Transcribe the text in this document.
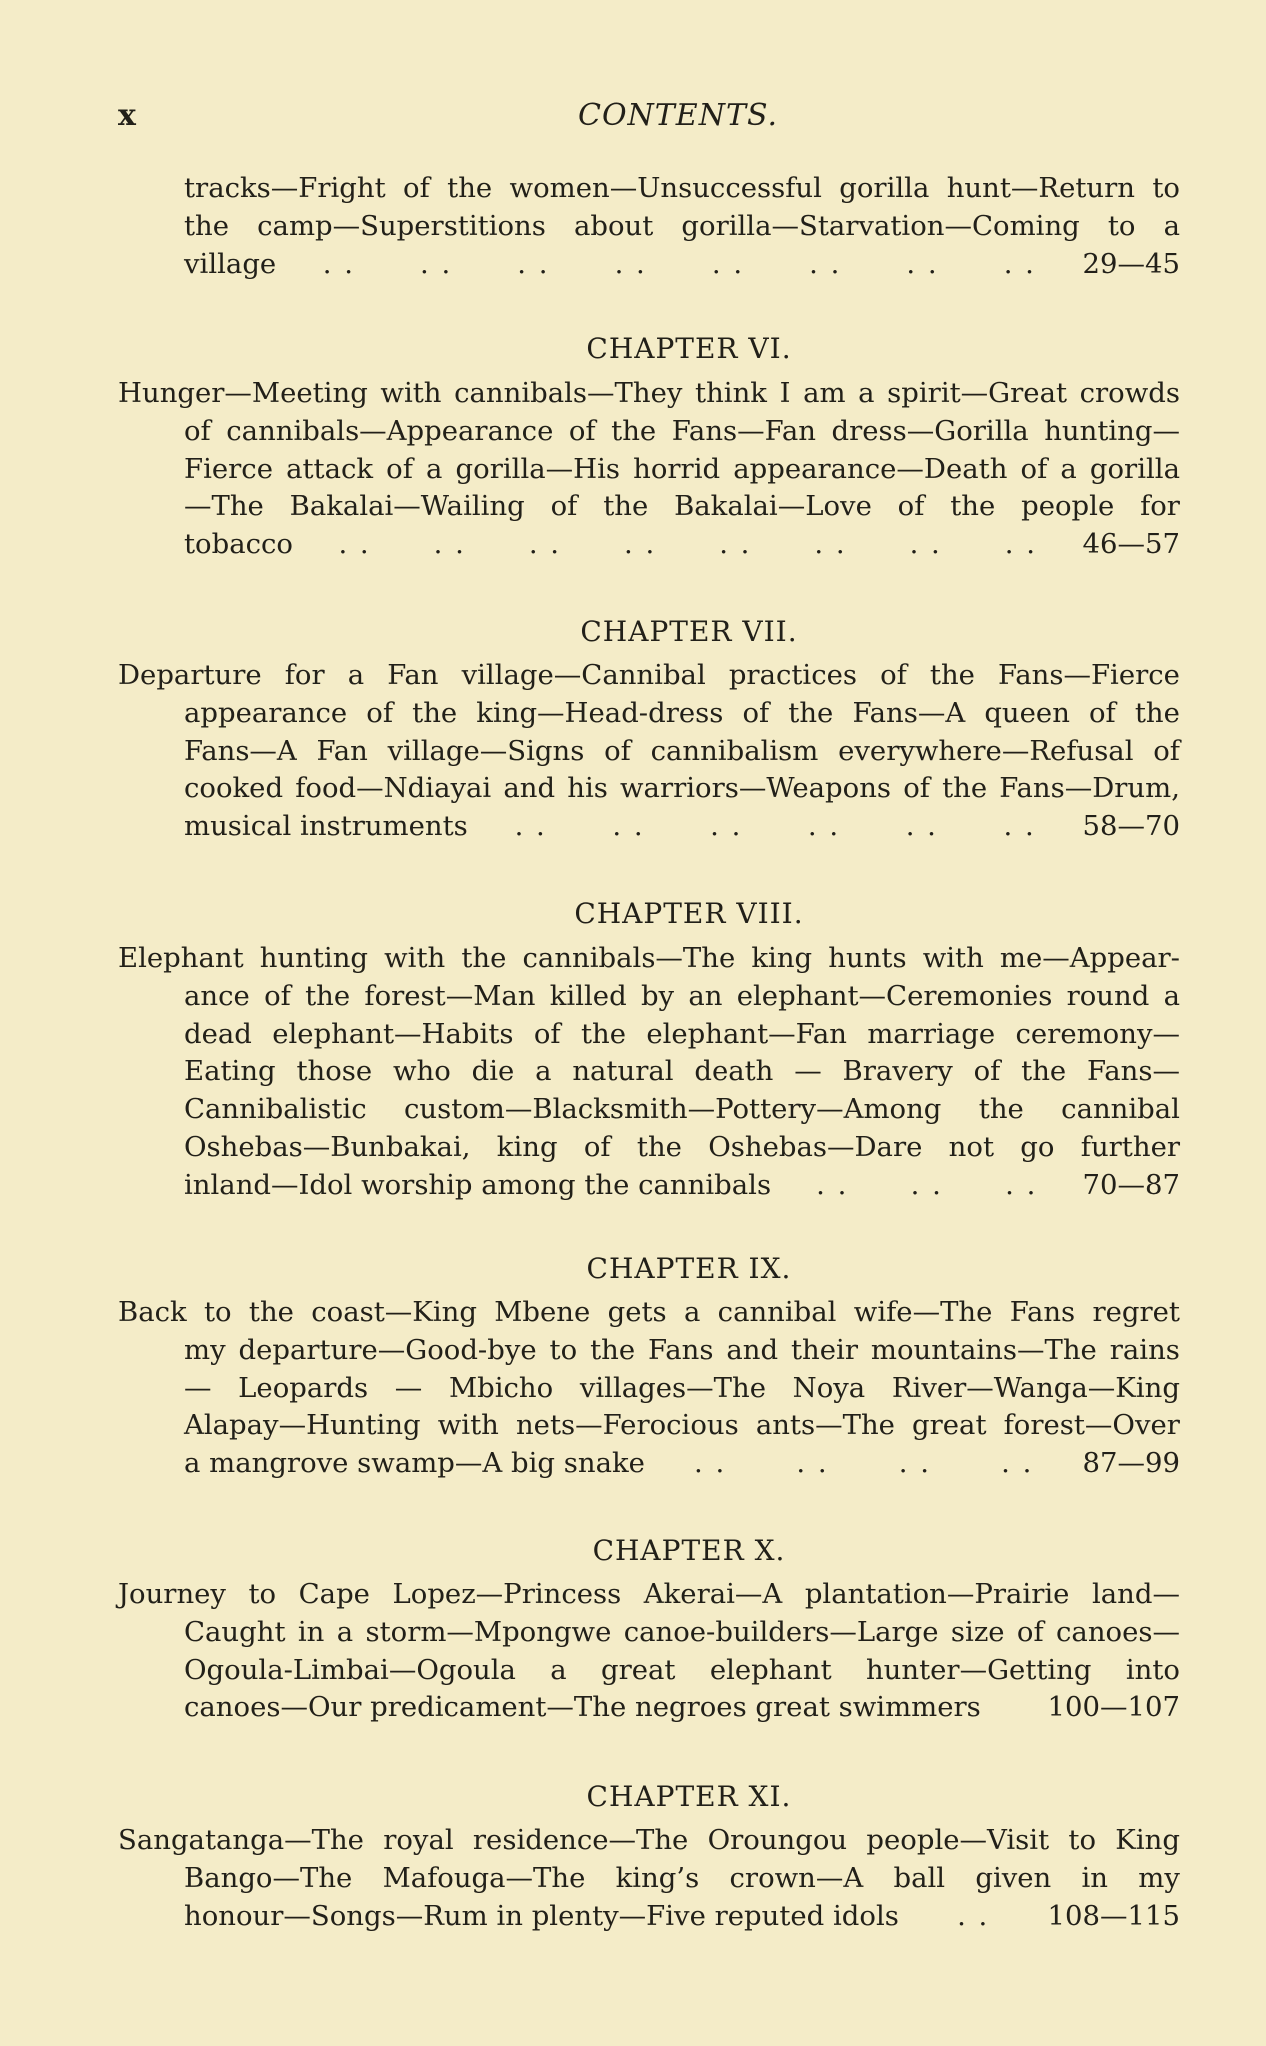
x	CONTENTS.
tracks—Fright of the women—Unsuccessful gorilla hunt—Return to
the camp—Superstitions about gorilla—Starvation—Coming to a
village . . . . . . . . . . . . . . . . 29—45
CHAPTER VI.
Hunger—Meeting with cannibals—They think I am a spirit—Great crowds
of cannibals—Appearance of the Fans—Fan dress—Gorilla hunting—
Fierce attack of a gorilla—His horrid appearance—Death of a gorilla
—The Bakalai—Wailing of the Bakalai—Love of the people for
tobacco . . . . . . . . . . . . . . . . 46—57
CHAPTER VII.
Departure for a Fan village—Cannibal practices of the Fans—Fierce
appearance of the king—Head-dress of the Fans—A queen of the
Fans—A Fan village—Signs of cannibalism everywhere—Refusal of
cooked food—Ndiayai and his warriors—Weapons of the Fans—Drum,
musical instruments . . . . . . . . . . . . 58—70
CHAPTER VIII.
Elephant hunting with the cannibals—The king hunts with me—Appear-
ance of the forest—Man killed by an elephant—Ceremonies round a
dead elephant—Habits of the elephant—Fan marriage ceremony—
Eating those who die a natural death — Bravery of the Fans—
Cannibalistic custom—Blacksmith—Pottery—Among the cannibal
Oshebas—Bunbakai, king of the Oshebas—Dare not go further
inland—Idol worship among the cannibals . . . . . . 70—87
CHAPTER IX.
Back to the coast—King Mbene gets a cannibal wife—The Fans regret
my departure—Good-bye to the Fans and their mountains—The rains
— Leopards — Mbicho villages—The Noya River—Wanga—King
Alapay—Hunting with nets—Ferocious ants—The great forest—Over
a mangrove swamp—A big snake . .	. .	. .	. . 87—99
CHAPTER X.
Journey to Cape Lopez—Princess Akerai—A plantation—Prairie land—
Caught in a storm—Mpongwe canoe-builders—Large size of canoes—
Ogoula-Limbai—Ogoula a great elephant hunter—Getting into
canoes—Our predicament—The negroes great swimmers 100—107
CHAPTER XI.
Sangatanga—The royal residence—The Oroungou people—Visit to King
Bango—The Mafouga—The king’s crown—A ball given in my
honour—Songs—Rum in plenty—Five reputed idols . . 108—115
